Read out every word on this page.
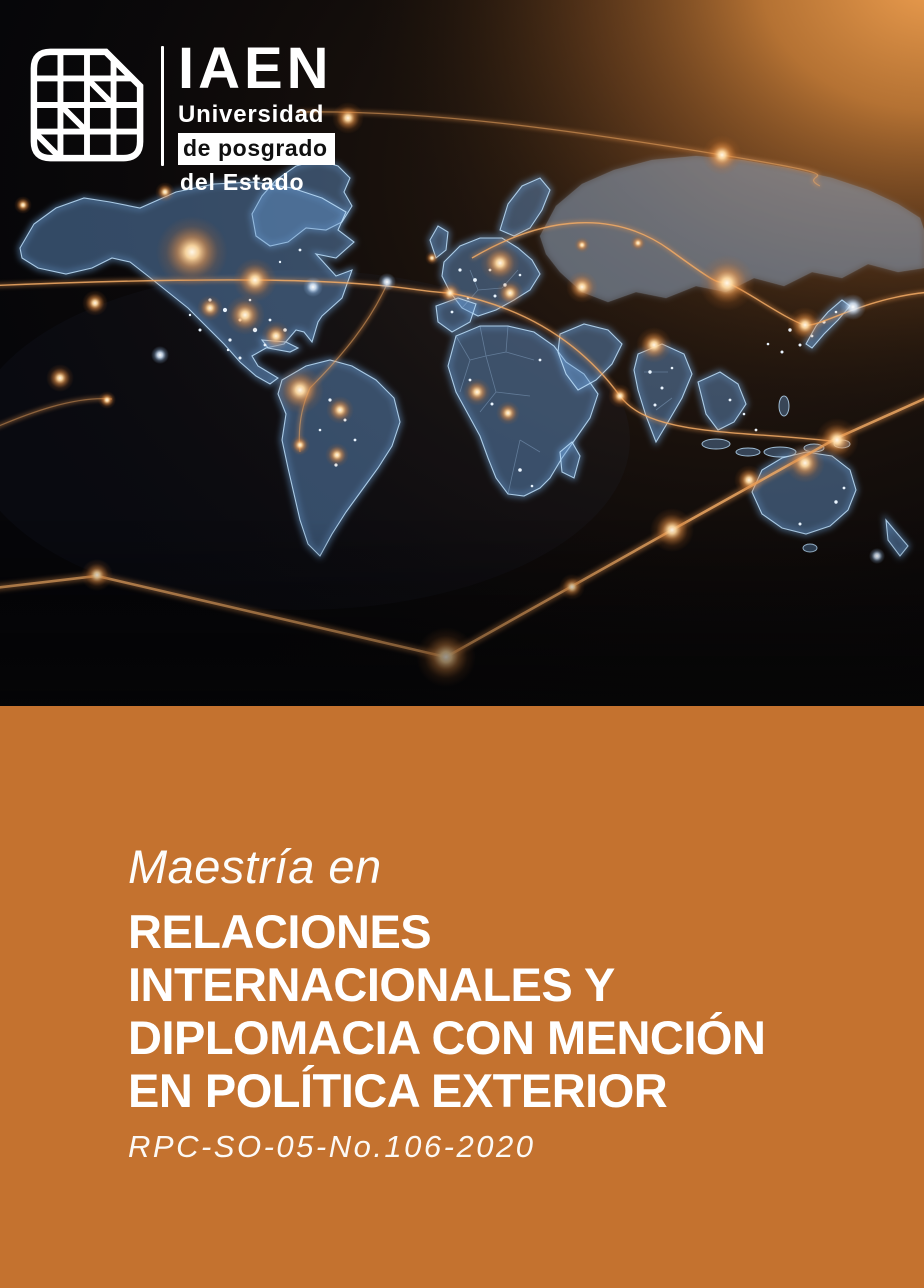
IAEN
Universidad
de posgrado
del Estado
Maestría en
RELACIONES
INTERNACIONALES Y
DIPLOMACIA CON MENCIÓN
EN POLÍTICA EXTERIOR
RPC-SO-05-No.106-2020
